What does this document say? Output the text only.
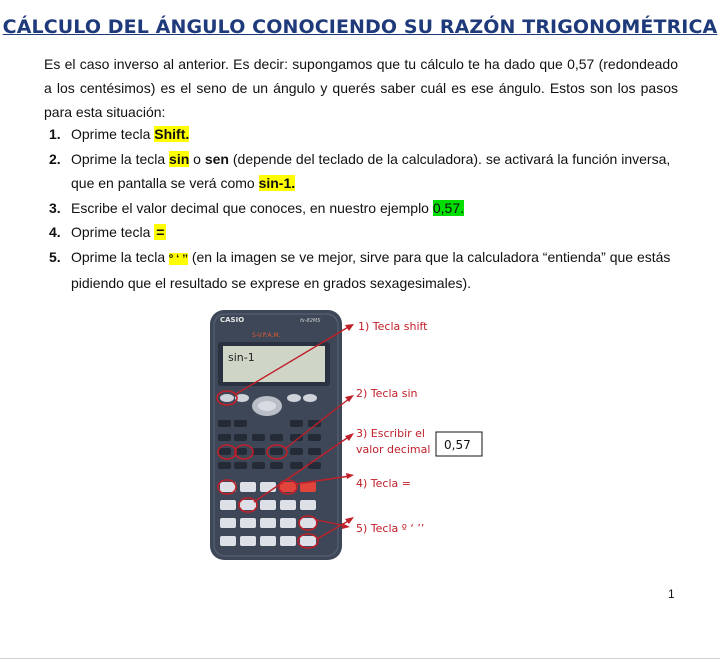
CÁLCULO DEL ÁNGULO CONOCIENDO SU RAZÓN TRIGONOMÉTRICA

Es el caso inverso al anterior. Es decir: supongamos que tu cálculo te ha dado que 0,57 (redondeado a los centésimos) es el seno de un ángulo y querés saber cuál es ese ángulo. Estos son los pasos para esta situación:

1. Oprime tecla Shift.
2. Oprime la tecla sin o sen (depende del teclado de la calculadora). se activará la función inversa, que en pantalla se verá como sin-1.
3. Escribe el valor decimal que conoces, en nuestro ejemplo 0,57.
4. Oprime tecla =
5. Oprime la tecla º ‘ ’’ (en la imagen se ve mejor, sirve para que la calculadora “entienda” que estás pidiendo que el resultado se exprese en grados sexagesimales).
CASIO	fx-82MS
S-V.P.A.M.
sin-1
1) Tecla shift
2) Tecla sin
3) Escribir el
valor decimal 0,57
4) Tecla =
5) Tecla º ‘ ’’
1
